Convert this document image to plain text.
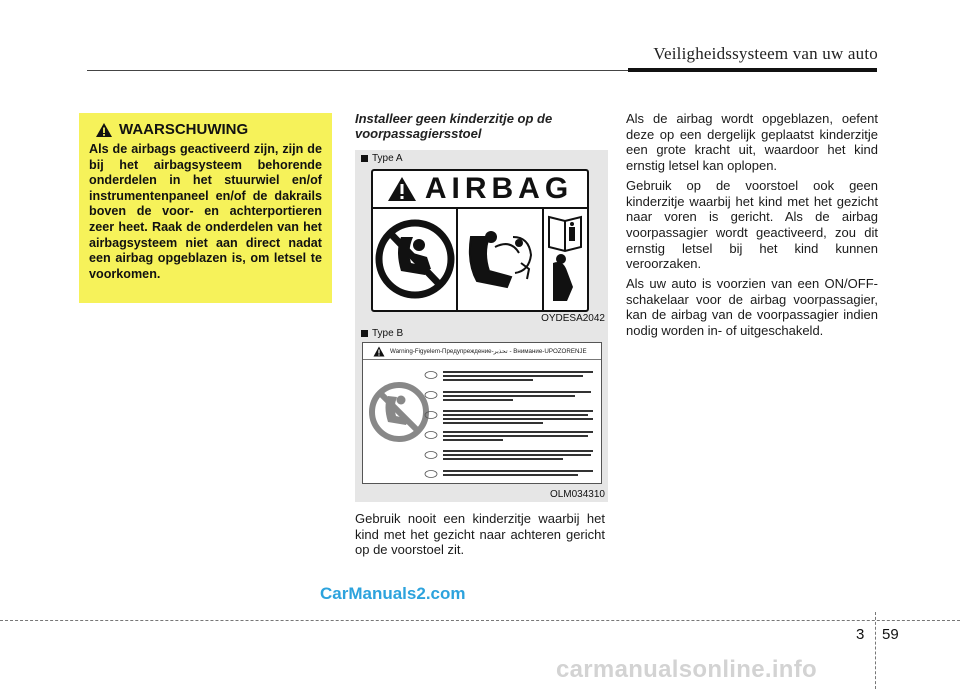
Veiligheidssysteem van uw auto
WAARSCHUWING
Als de airbags geactiveerd zijn, zijn de bij het airbagsysteem behorende onderdelen in het stuurwiel en/of instrumentenpaneel en/of de dakrails boven de voor- en achterportieren zeer heet. Raak de onderdelen van het airbagsysteem niet aan direct nadat een airbag opgeblazen is, om letsel te voorkomen.
Installeer geen kinderzitje op de voorpassagiersstoel
Type A
OYDESA2042
AIRBAG
Type B
OLM034310
Warning-Figyelem-Предупреждение-تحذير - Внимание-UPOZORENJE
Gebruik nooit een kinderzitje waarbij het kind met het gezicht naar achteren gericht op de voorstoel zit.

Als de airbag wordt opgeblazen, oefent deze op een dergelijk geplaatst kinderzitje een grote kracht uit, waardoor het kind ernstig letsel kan oplopen.

Gebruik op de voorstoel ook geen kinderzitje waarbij het kind met het gezicht naar voren is gericht. Als de airbag voorpassagier wordt geactiveerd, zou dit ernstig letsel bij het kind kunnen veroorzaken.

Als uw auto is voorzien van een ON/OFF-schakelaar voor de airbag voorpassagier, kan de airbag van de voorpassagier indien nodig worden in- of uitgeschakeld.

CarManuals2.com
carmanualsonline.info
3 59
